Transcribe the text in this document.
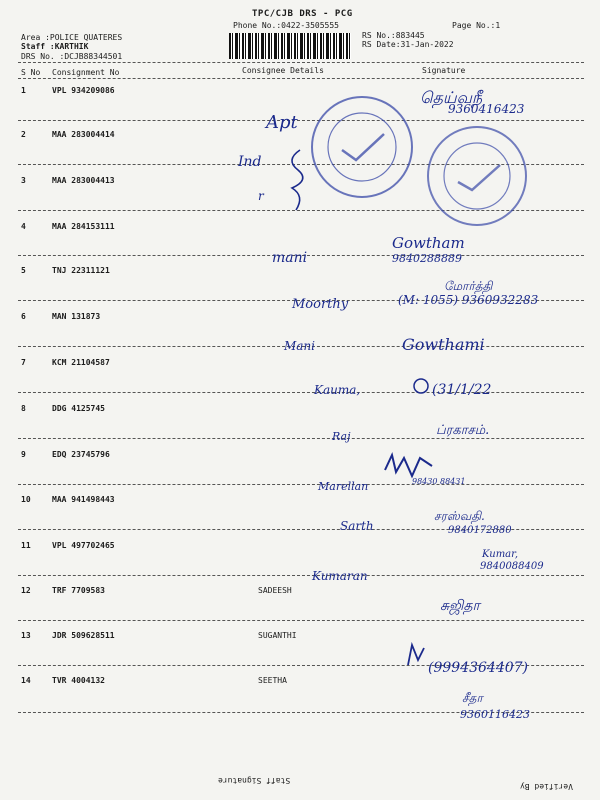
TPC/CJB DRS - PCG
Phone No.:0422-3505555	Page No.:1
Area :POLICE QUATERES
Staff :KARTHIK
DRS No. :DCJB88344501
RS No.:883445
RS Date:31-Jan-2022
S No Consignment No	Consignee Details	Signature
1	VPL 934209086
2	MAA 283004414
3	MAA 283004413
4	MAA 284153111
5	TNJ 22311121
6	MAN 131873
7	KCM 21104587
8	DDG 4125745
9	EDQ 23745796
10	MAA 941498443
11	VPL 497702465
12	TRF 7709583	SADEESH
13	JDR 509628511	SUGANTHI
14	TVR 4004132	SEETHA
தெய்வநீ
9360416423
Apt
Ind
r
Gowtham
9840288889
mani
மோர்த்தி
(M: 1055) 9360932283
Moorthy
Mani	Gowthami
Kauma,	(31/1/22
Raj	ப்ரகாசம்.
Marellan	98430 88431
Sarth
சரஸ்வதி.
9840172880
Kumar,
9840088409
Kumaran
சுஜிதா
(9994364407)
சீதா
9360116423
Staff Signature
Verified By
